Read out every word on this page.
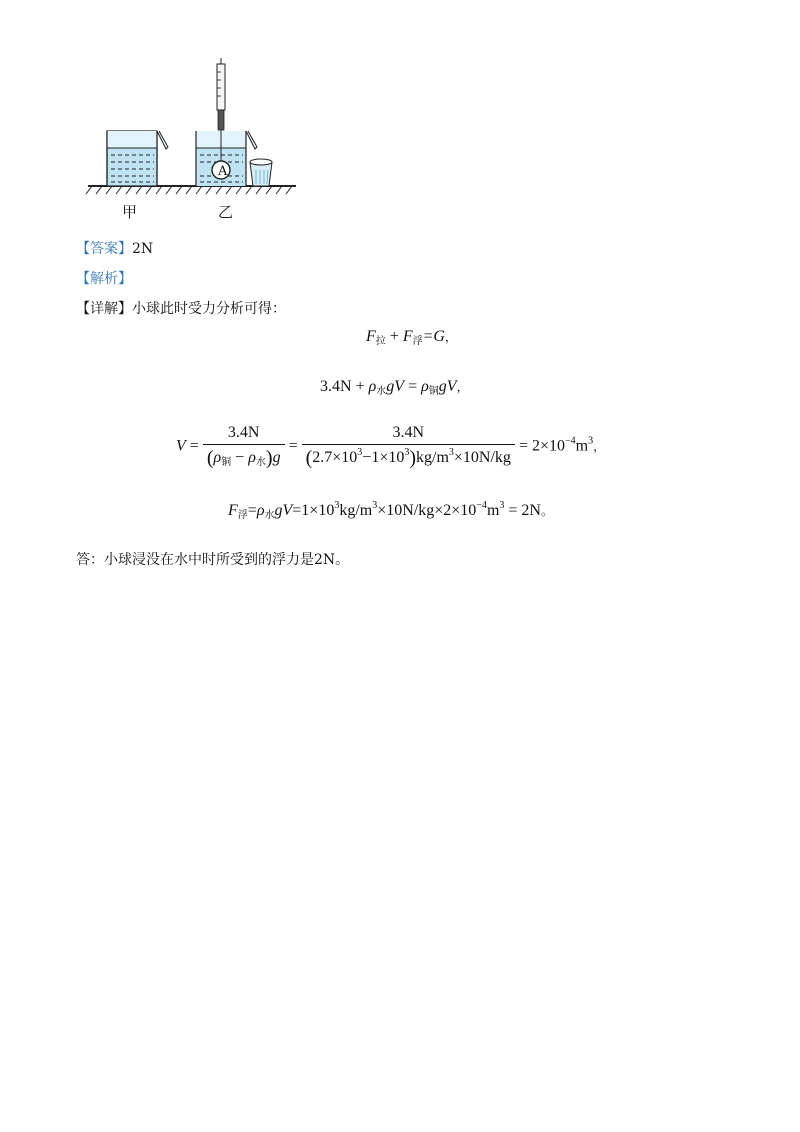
A
甲	乙
【答案】2N
【解析】
【详解】小球此时受力分析可得：
$F_拉 + F_浮=G$，
$3.4N + \rho_水gV = \rho_铜gV$，
$V = \frac{3.4N}{(\rho_铜 - \rho_水)g} = \frac{3.4N}{(2.7\times 10^3-1\times 10^3)kg/m^3\times 10N/kg} = 2\times 10^{-4}m^3$，
$F_浮=\rho_水gV=1\times 10^3kg/m^3\times 10N/kg\times 2\times 10^{-4}m^3 = 2N$。
答：小球浸没在水中时所受到的浮力是2N。
